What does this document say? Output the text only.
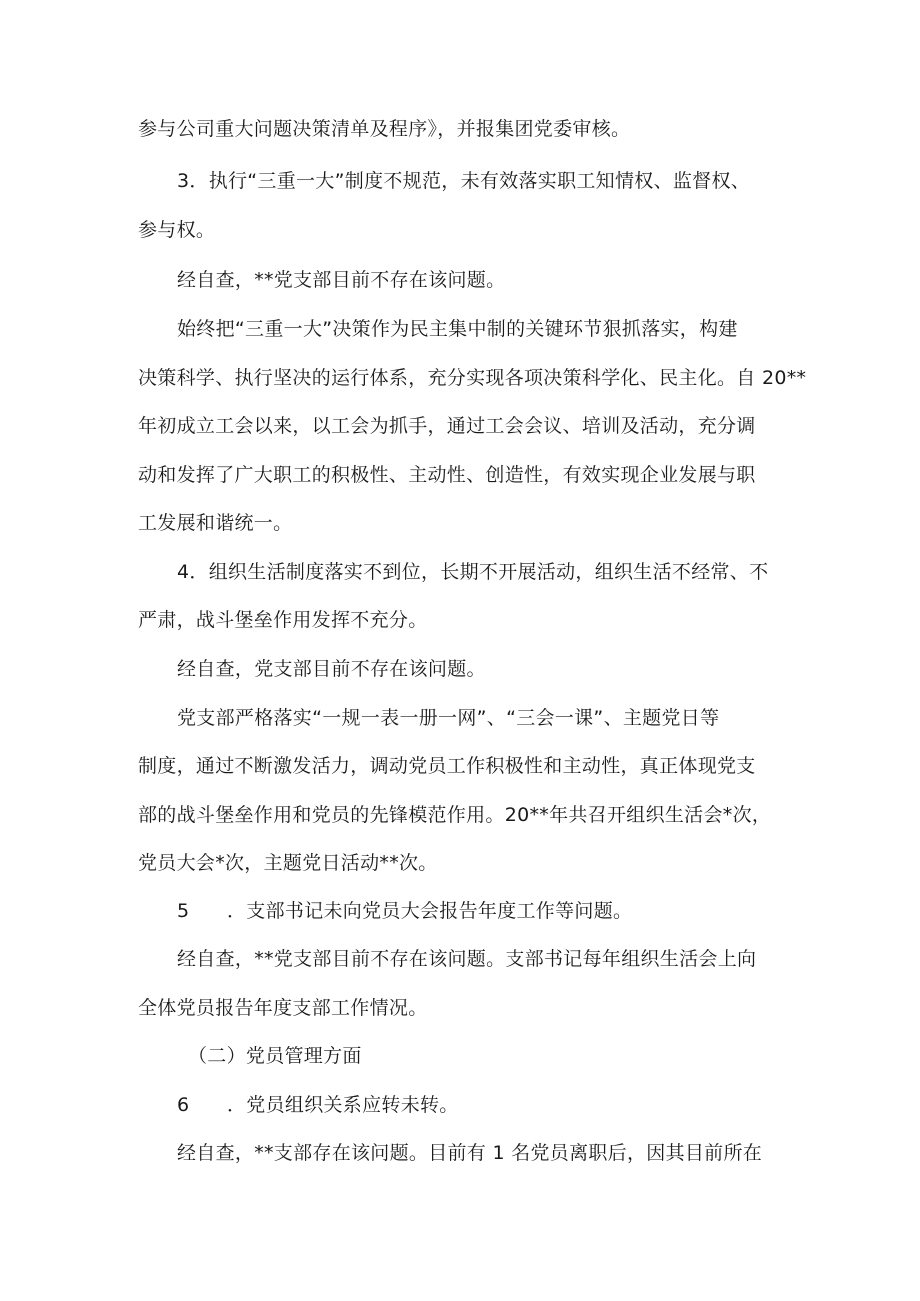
参与公司重大问题决策清单及程序》，并报集团党委审核。
3．执行“三重一大”制度不规范，未有效落实职工知情权、监督权、
参与权。
经自查，**党支部目前不存在该问题。
始终把“三重一大”决策作为民主集中制的关键环节狠抓落实，构建
决策科学、执行坚决的运行体系，充分实现各项决策科学化、民主化。自 20**
年初成立工会以来，以工会为抓手，通过工会会议、培训及活动，充分调
动和发挥了广大职工的积极性、主动性、创造性，有效实现企业发展与职
工发展和谐统一。
4．组织生活制度落实不到位，长期不开展活动，组织生活不经常、不
严肃，战斗堡垒作用发挥不充分。
经自查，党支部目前不存在该问题。
党支部严格落实“一规一表一册一网”、“三会一课”、主题党日等
制度，通过不断激发活力，调动党员工作积极性和主动性，真正体现党支
部的战斗堡垒作用和党员的先锋模范作用。20**年共召开组织生活会*次，
党员大会*次，主题党日活动**次。
5 ．支部书记未向党员大会报告年度工作等问题。
经自查，**党支部目前不存在该问题。支部书记每年组织生活会上向
全体党员报告年度支部工作情况。
（二）党员管理方面
6 ．党员组织关系应转未转。
经自查，**支部存在该问题。目前有 1 名党员离职后，因其目前所在
